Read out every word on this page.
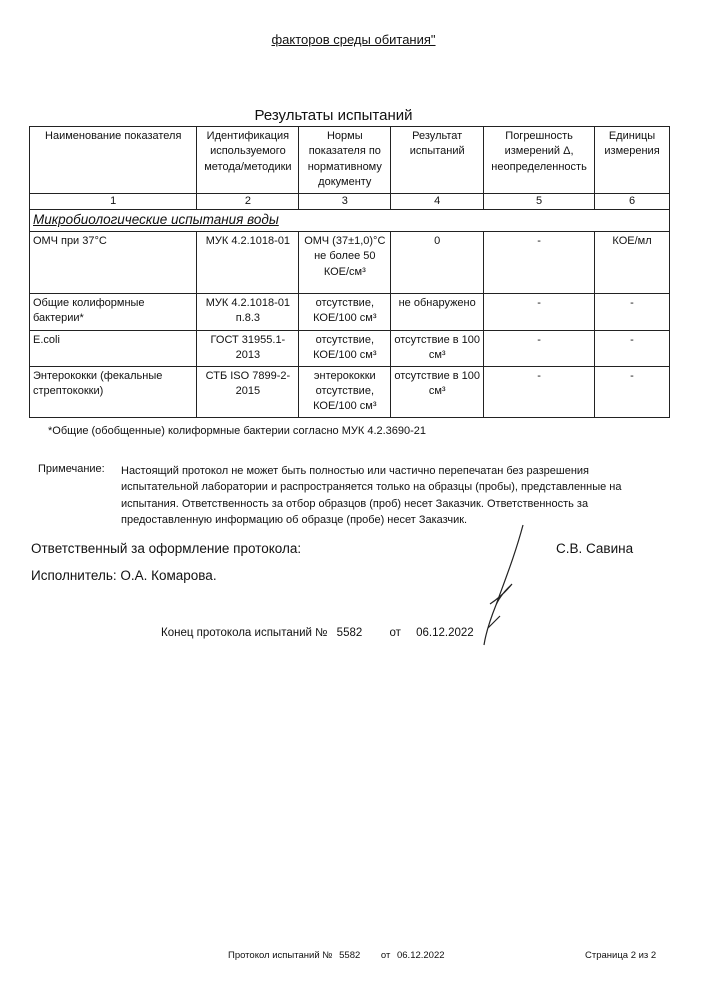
факторов среды обитания"
Результаты испытаний
Наименование показателя	Идентификация используемого метода/методики	Нормы показателя по нормативному документу	Результат испытаний	Погрешность измерений Δ, неопределенность	Единицы измерения
1	2	3	4	5	6
Микробиологические испытания воды					
ОМЧ при 37°С	МУК 4.2.1018-01	ОМЧ (37±1,0)°С не более 50 КОЕ/см³	0	-	КОЕ/мл
Общие колиформные бактерии*	МУК 4.2.1018-01 п.8.3	отсутствие, КОЕ/100 см³	не обнаружено	-	-
E.coli	ГОСТ 31955.1-2013	отсутствие, КОЕ/100 см³	отсутствие в 100 см³	-	-
Энтерококки (фекальные стрептококки)	СТБ ISO 7899-2-2015	энтерококки отсутствие, КОЕ/100 см³	отсутствие в 100 см³	-	-
*Общие (обобщенные) колиформные бактерии согласно МУК 4.2.3690-21
Примечание: Настоящий протокол не может быть полностью или частично перепечатан без разрешения испытательной лаборатории и распространяется только на образцы (пробы), представленные на испытания. Ответственность за отбор образцов (проб) несет Заказчик. Ответственность за предоставленную информацию об образце (пробе) несет Заказчик.
Ответственный за оформление протокола:	С.В. Савина
Исполнитель: О.А. Комарова.
Конец протокола испытаний № 5582 от 06.12.2022
Протокол испытаний № 5582 от 06.12.2022	Страница 2 из 2
